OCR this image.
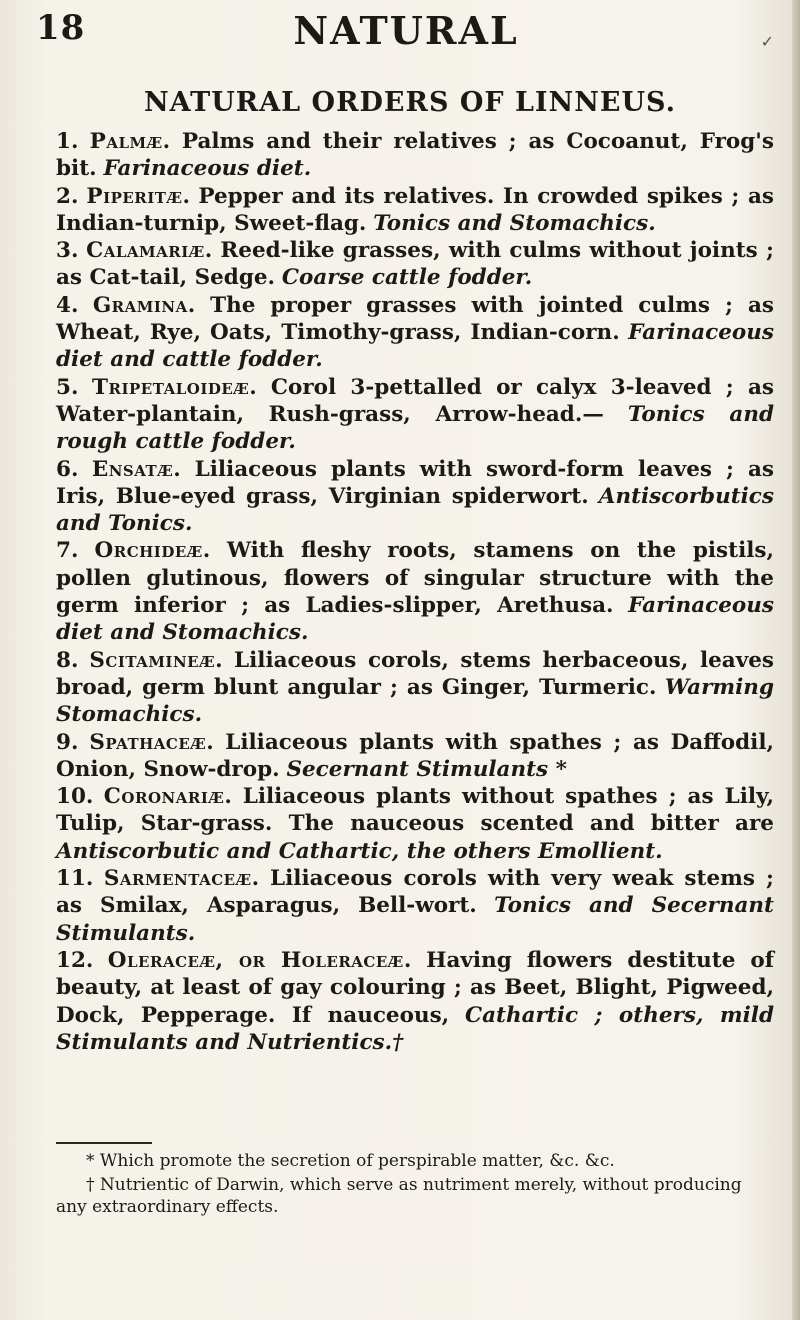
18	NATURAL	✓
NATURAL ORDERS OF LINNEUS.

1. Palmæ. Palms and their relatives ; as Cocoanut, Frog's bit. Farinaceous diet.

2. Piperitæ. Pepper and its relatives. In crowded spikes ; as Indian-turnip, Sweet-flag. Tonics and Stomachics.

3. Calamariæ. Reed-like grasses, with culms without joints ; as Cat-tail, Sedge. Coarse cattle fodder.

4. Gramina. The proper grasses with jointed culms ; as Wheat, Rye, Oats, Timothy-grass, Indian-corn. Farinaceous diet and cattle fodder.

5. Tripetaloideæ. Corol 3-pettalled or calyx 3-leaved ; as Water-plantain, Rush-grass, Arrow-head.— Tonics and rough cattle fodder.

6. Ensatæ. Liliaceous plants with sword-form leaves ; as Iris, Blue-eyed grass, Virginian spiderwort. Antiscorbutics and Tonics.

7. Orchideæ. With fleshy roots, stamens on the pistils, pollen glutinous, flowers of singular structure with the germ inferior ; as Ladies-slipper, Arethusa. Farinaceous diet and Stomachics.

8. Scitamineæ. Liliaceous corols, stems herbaceous, leaves broad, germ blunt angular ; as Ginger, Turmeric. Warming Stomachics.

9. Spathaceæ. Liliaceous plants with spathes ; as Daffodil, Onion, Snow-drop. Secernant Stimulants *

10. Coronariæ. Liliaceous plants without spathes ; as Lily, Tulip, Star-grass. The nauceous scented and bitter are Antiscorbutic and Cathartic, the others Emollient.

11. Sarmentaceæ. Liliaceous corols with very weak stems ; as Smilax, Asparagus, Bell-wort. Tonics and Secernant Stimulants.

12. Oleraceæ, or Holeraceæ. Having flowers destitute of beauty, at least of gay colouring ; as Beet, Blight, Pigweed, Dock, Pepperage. If nauceous, Cathartic ; others, mild Stimulants and Nutrientics.†

* Which promote the secretion of perspirable matter, &c. &c.

† Nutrientic of Darwin, which serve as nutriment merely, without producing any extraordinary effects.
